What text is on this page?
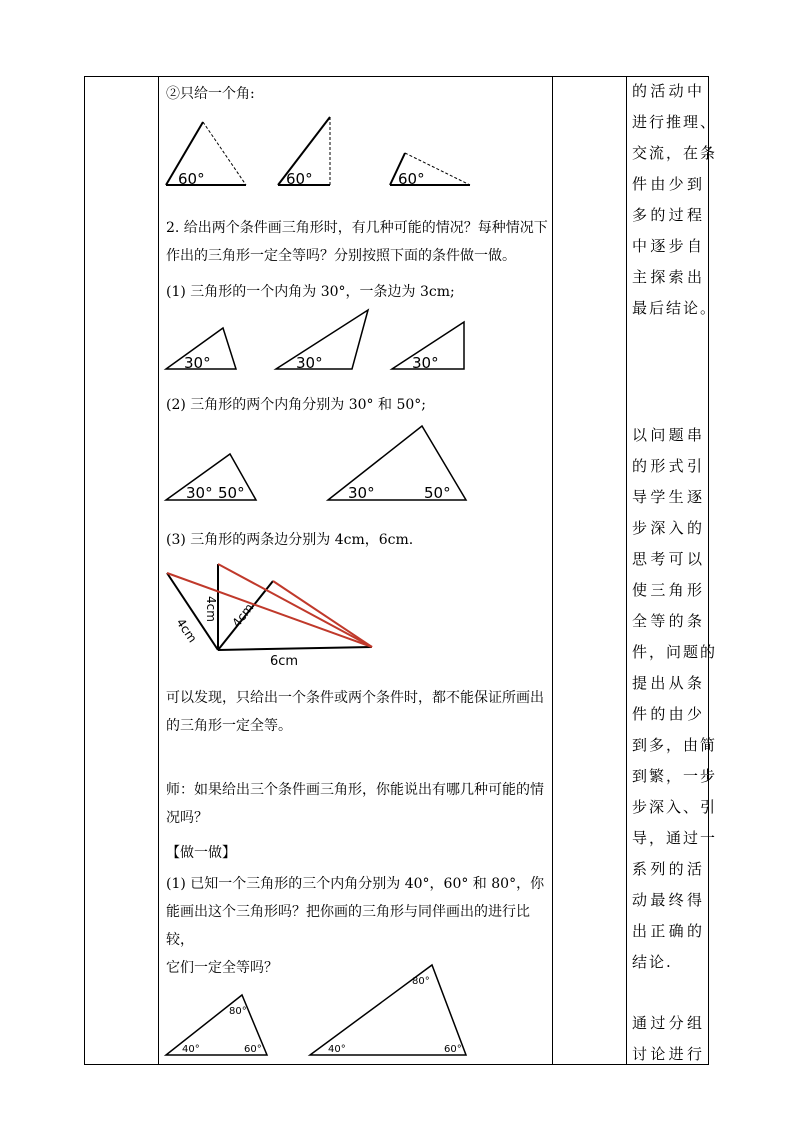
②只给一个角:
60°	60°	60°
2. 给出两个条件画三角形时，有几种可能的情况？每种情况下
作出的三角形一定全等吗？分别按照下面的条件做一做。
(1) 三角形的一个内角为 30°，一条边为 3cm;
30°	30°	30°
(2) 三角形的两个内角分别为 30° 和 50°;
30° 50°	30°	50°
(3) 三角形的两条边分别为 4cm，6cm.
4cm
4cm 4cm
6cm
可以发现，只给出一个条件或两个条件时，都不能保证所画出
的三角形一定全等。
师：如果给出三个条件画三角形，你能说出有哪几种可能的情
况吗？
【做一做】
(1) 已知一个三角形的三个内角分别为 40°，60° 和 80°，你
能画出这个三角形吗？把你画的三角形与同伴画出的进行比较，
它们一定全等吗？
40°	60°
80°
40°	60°
80°
的活动中
进行推理、
交流，在条
件由少到
多的过程
中逐步自
主探索出
最后结论。
以问题串
的形式引
导学生逐
步深入的
思考可以
使三角形
全等的条
件，问题的
提出从条
件的由少
到多，由简
到繁，一步
步深入、引
导，通过一
系列的活
动最终得
出正确的
结论.
通过分组
讨论进行
